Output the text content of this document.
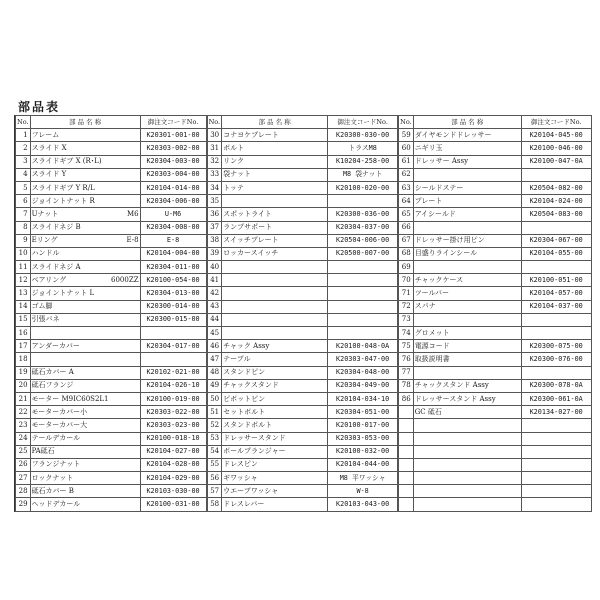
部品表
No.	部 品 名 称	御注文コードNo.
1	フレーム	K20301-001-00
2	スライド X	K20303-002-00
3	スライドギブ X (R･L)	K20304-003-00
4	スライド Y	K20303-004-00
5	スライドギブ Y R/L	K20104-014-00
6	ジョイントナット R	K20304-006-00
7	Uナット M6	U-M6
8	スライドネジ B	K20304-008-00
9	Eリング E-8	E-8
10	ハンドル	K20104-004-00
11	スライドネジ A	K20304-011-00
12	ベアリング 6000ZZ	K20100-054-00
13	ジョイントナット L	K20304-013-00
14	ゴム脚	K20300-014-00
15	引張バネ	K20300-015-00
16	

17	アンダーカバー	K20304-017-00
18	

19	砥石カバー A	K20102-021-00
20	砥石フランジ	K20104-026-10
21	モーター M9IC60S2L1	K20100-019-00
22	モーターカバー小	K20303-022-00
23	モーターカバー大	K20303-023-00
24	テールデカール	K20100-018-10
25	PA砥石	K20104-027-00
26	フランジナット	K20104-028-00
27	ロックナット	K20104-029-00
28	砥石カバー B	K20103-030-00
29	ヘッドデカール	K20100-031-00
No.	部 品 名 称	御注文コードNo.
30	コナヨケプレート	K20300-030-00
31	ボルト	トラスM8
32	リンク	K10204-258-00
33	袋ナット	M8 袋ナット
34	トッテ	K20100-020-00
35	

36	スポットライト	K20300-036-00
37	ランプサポート	K20304-037-00
38	スイッチプレート	K20504-006-00
39	ロッカースイッチ	K20500-007-00
40	

41	

42	

43	

44	

45	

46	チャック Assy	K20100-048-0A
47	テーブル	K20303-047-00
48	スタンドピン	K20304-048-00
49	チャックスタンド	K20304-049-00
50	ピボットピン	K20104-034-10
51	セットボルト	K20304-051-00
52	スタンドボルト	K20100-017-00
53	ドレッサースタンド	K20303-053-00
54	ボールプランジャー	K20100-032-00
55	ドレスピン	K20104-044-00
56	ギワッシャ	M8 平ワッシャ
57	ウエーブワッシャ	W-8
58	ドレスレバー	K20103-043-00
No.	部 品 名 称	御注文コードNo.
59	ダイヤモンドドレッサー	K20104-045-00
60	ニギリ玉	K20100-046-00
61	ドレッサー Assy	K20100-047-0A
62	

63	シールドステー	K20504-082-00
64	プレート	K20104-024-00
65	アイシールド	K20504-083-00
66	

67	ドレッサー掛け用ピン	K20304-067-00
68	目盛りラインシール	K20104-055-00
69	

70	チャックケース	K20100-051-00
71	ツールバー	K20104-057-00
72	スパナ	K20104-037-00
73	

74	グロメット	

75	電源コード	K20300-075-00
76	取扱説明書	K20300-076-00
77	

78	チャックスタンド Assy	K20300-078-0A
86	ドレッサースタンド Assy	K20300-061-0A

	GC 砥石	K20134-027-00
